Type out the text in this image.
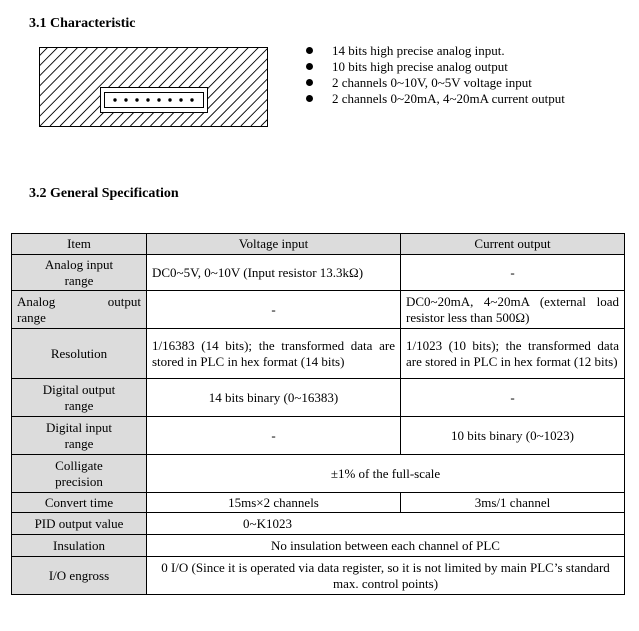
3.1 Characteristic
14 bits high precise analog input.
10 bits high precise analog output
2 channels 0~10V, 0~5V voltage input
2 channels 0~20mA, 4~20mA current output
3.2 General Specification
Item	Voltage input	Current output
Analog input
range	DC0~5V, 0~10V (Input resistor 13.3kΩ)	-
Analog output
range	-	DC0~20mA, 4~20mA (external load resistor less than 500Ω)
Resolution	1/16383 (14 bits); the transformed data are stored in PLC in hex format (14 bits)	1/1023 (10 bits); the transformed data are stored in PLC in hex format (12 bits)
Digital output
range	14 bits binary (0~16383)	-
Digital input
range	-	10 bits binary (0~1023)
Colligate
precision	±1% of the full-scale	
Convert time	15ms×2 channels	3ms/1 channel
PID output value	0~K1023	
Insulation	No insulation between each channel of PLC	
I/O engross	0 I/O (Since it is operated via data register, so it is not limited by main PLC’s standard max. control points)	
